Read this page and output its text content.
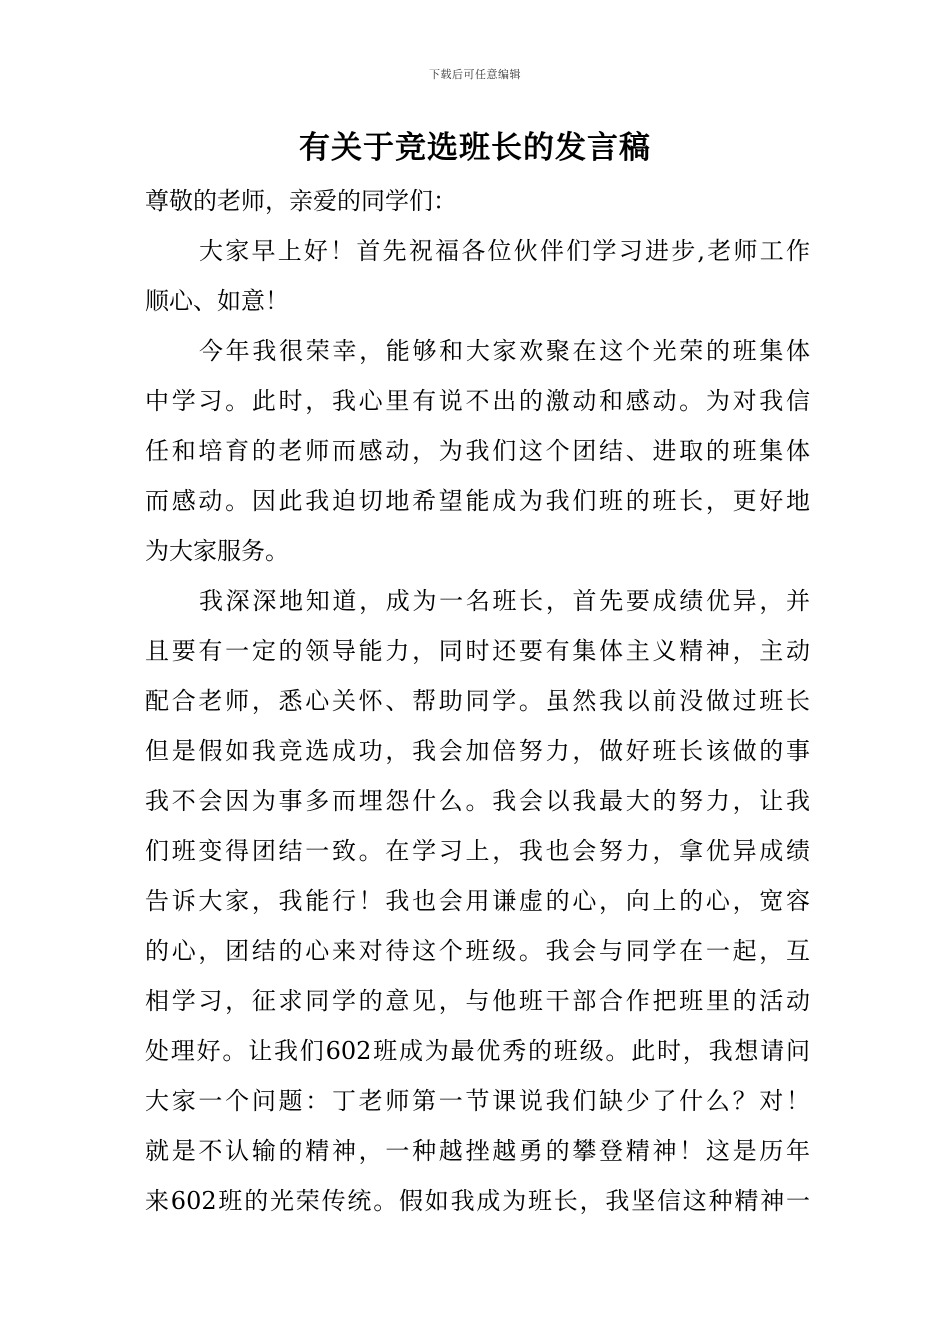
下载后可任意编辑
有关于竞选班长的发言稿
尊敬的老师，亲爱的同学们：
大家早上好！首先祝福各位伙伴们学习进步,老师工作
顺心、如意！
今年我很荣幸，能够和大家欢聚在这个光荣的班集体
中学习。此时，我心里有说不出的激动和感动。为对我信
任和培育的老师而感动，为我们这个团结、进取的班集体
而感动。因此我迫切地希望能成为我们班的班长，更好地
为大家服务。
我深深地知道，成为一名班长，首先要成绩优异，并
且要有一定的领导能力，同时还要有集体主义精神，主动
配合老师，悉心关怀、帮助同学。虽然我以前没做过班长
但是假如我竞选成功，我会加倍努力，做好班长该做的事
我不会因为事多而埋怨什么。我会以我最大的努力，让我
们班变得团结一致。在学习上，我也会努力，拿优异成绩
告诉大家，我能行！我也会用谦虚的心，向上的心，宽容
的心，团结的心来对待这个班级。我会与同学在一起，互
相学习，征求同学的意见，与他班干部合作把班里的活动
处理好。让我们602班成为最优秀的班级。此时，我想请问
大家一个问题：丁老师第一节课说我们缺少了什么？对！
就是不认输的精神，一种越挫越勇的攀登精神！这是历年
来602班的光荣传统。假如我成为班长，我坚信这种精神一
